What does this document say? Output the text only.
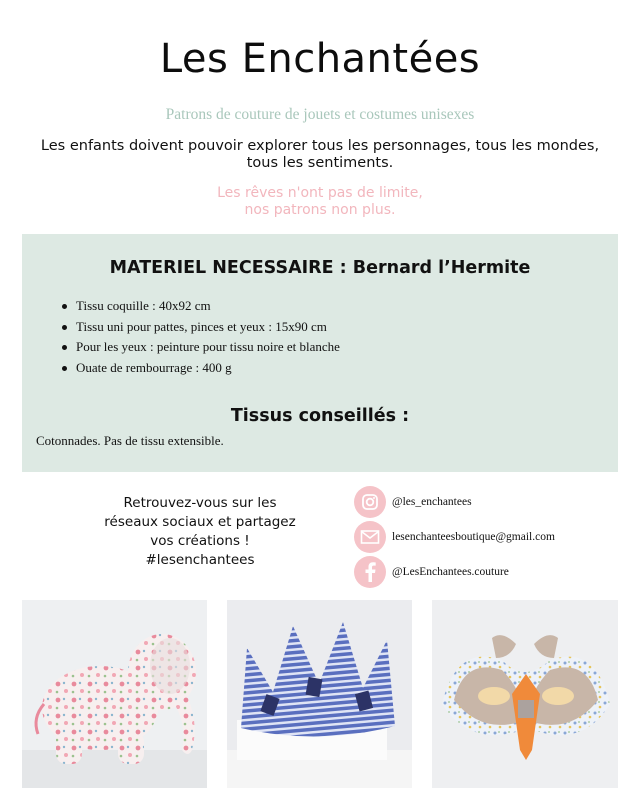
Les Enchantées

Patrons de couture de jouets et costumes unisexes

Les enfants doivent pouvoir explorer tous les personnages, tous les mondes, tous les sentiments.

Les rêves n'ont pas de limite,
nos patrons non plus.

MATERIEL NECESSAIRE : Bernard l’Hermite
Tissu coquille : 40x92 cm
Tissu uni pour pattes, pinces et yeux : 15x90 cm
Pour les yeux : peinture pour tissu noire et blanche
Ouate de rembourrage : 400 g
Tissus conseillés :

Cotonnades. Pas de tissu extensible.

Retrouvez-vous sur les
réseaux sociaux et partagez
vos créations !
#lesenchantees
@les_enchantees
lesenchanteesboutique@gmail.com
@LesEnchantees.couture
